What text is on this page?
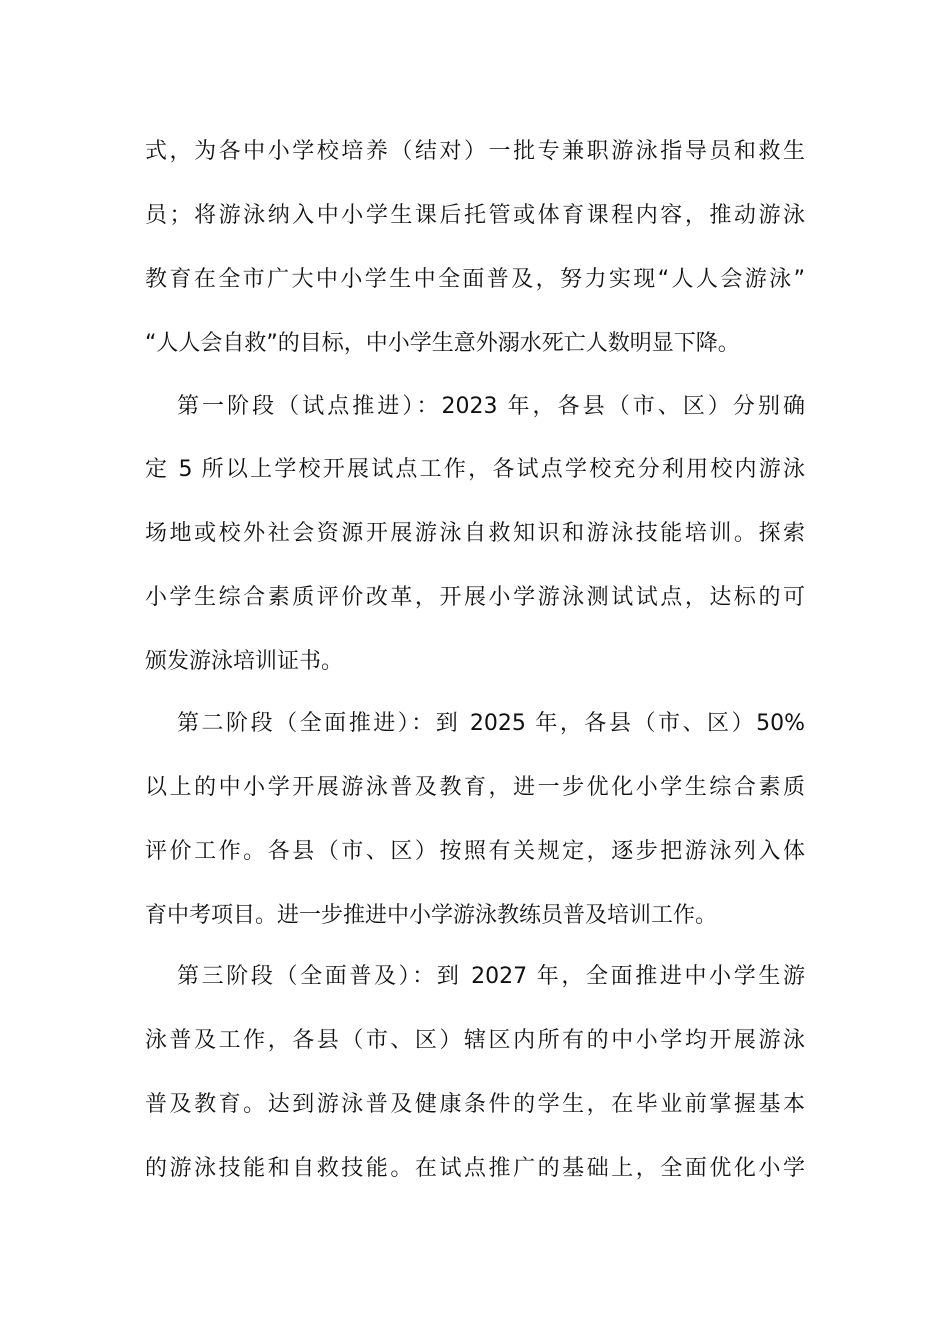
式，为各中小学校培养（结对）一批专兼职游泳指导员和救生
员；将游泳纳入中小学生课后托管或体育课程内容，推动游泳
教育在全市广大中小学生中全面普及，努力实现“人人会游泳”
“人人会自救”的目标，中小学生意外溺水死亡人数明显下降。
第一阶段（试点推进）：2023 年，各县（市、区）分别确
定 5 所以上学校开展试点工作，各试点学校充分利用校内游泳
场地或校外社会资源开展游泳自救知识和游泳技能培训。探索
小学生综合素质评价改革，开展小学游泳测试试点，达标的可
颁发游泳培训证书。
第二阶段（全面推进）：到 2025 年，各县（市、区）50%
以上的中小学开展游泳普及教育，进一步优化小学生综合素质
评价工作。各县（市、区）按照有关规定，逐步把游泳列入体
育中考项目。进一步推进中小学游泳教练员普及培训工作。
第三阶段（全面普及）：到 2027 年，全面推进中小学生游
泳普及工作，各县（市、区）辖区内所有的中小学均开展游泳
普及教育。达到游泳普及健康条件的学生，在毕业前掌握基本
的游泳技能和自救技能。在试点推广的基础上，全面优化小学
